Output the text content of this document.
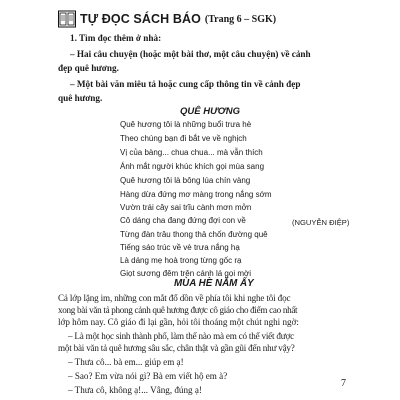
TỰ ĐỌC SÁCH BÁO (Trang 6 – SGK)
1. Tìm đọc thêm ở nhà:
– Hai câu chuyện (hoặc một bài thơ, một câu chuyện) về cảnh
đẹp quê hương.
– Một bài văn miêu tả hoặc cung cấp thông tin về cảnh đẹp
quê hương.
QUÊ HƯƠNG
Quê hương tôi là những buổi trưa hè
Theo chúng bạn đi bắt ve về nghịch
Vị của bàng... chua chua... mà vẫn thích
Ánh mắt người khúc khích gọi mùa sang
Quê hương tôi là bông lúa chín vàng
Hàng dừa đứng mơ màng trong nắng sớm
Vườn trái cây sai trĩu cành mơn mởn
Cô dáng cha đang đứng đợi con về
Từng đàn trâu thong thả chốn đường quê
Tiếng sáo trúc về vè trưa nắng hạ
Là dáng mẹ hoà trong từng gốc rạ
Giọt sương đêm trên cánh lá gọi mời
(NGUYỄN ĐIỆP)
MÙA HÈ NĂM ẤY
Cả lớp lặng im, những con mắt đổ dồn về phía tôi khi nghe tôi đọc
xong bài văn tả phong cảnh quê hương được cô giáo cho điểm cao nhất
lớp hôm nay. Cô giáo đi lại gần, hỏi tôi thoáng một chút nghi ngờ:
– Là một học sinh thành phố, làm thế nào mà em có thể viết được
một bài văn tả quê hương sâu sắc, chân thật và gần gũi đến như vậy?
– Thưa cô... bà em... giúp em ạ!
– Sao? Em vừa nói gì? Bà em viết hộ em à?
– Thưa cô, không ạ!... Vâng, đúng ạ!
7
